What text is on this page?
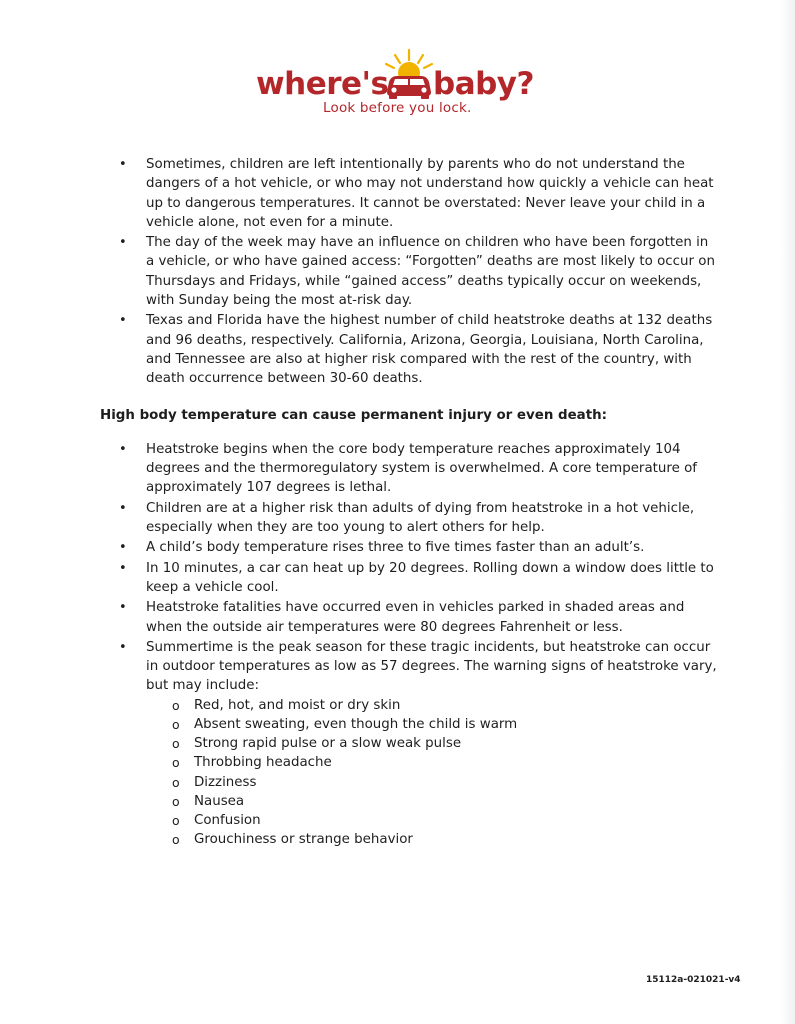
where's baby?
Look before you lock.
• Sometimes, children are left intentionally by parents who do not understand the dangers of a hot vehicle, or who may not understand how quickly a vehicle can heat up to dangerous temperatures. It cannot be overstated: Never leave your child in a vehicle alone, not even for a minute.
• The day of the week may have an influence on children who have been forgotten in a vehicle, or who have gained access: “Forgotten” deaths are most likely to occur on Thursdays and Fridays, while “gained access” deaths typically occur on weekends, with Sunday being the most at-risk day.
• Texas and Florida have the highest number of child heatstroke deaths at 132 deaths and 96 deaths, respectively. California, Arizona, Georgia, Louisiana, North Carolina, and Tennessee are also at higher risk compared with the rest of the country, with death occurrence between 30-60 deaths.
High body temperature can cause permanent injury or even death:
• Heatstroke begins when the core body temperature reaches approximately 104 degrees and the thermoregulatory system is overwhelmed. A core temperature of approximately 107 degrees is lethal.
• Children are at a higher risk than adults of dying from heatstroke in a hot vehicle, especially when they are too young to alert others for help.
• A child’s body temperature rises three to five times faster than an adult’s.
• In 10 minutes, a car can heat up by 20 degrees. Rolling down a window does little to keep a vehicle cool.
• Heatstroke fatalities have occurred even in vehicles parked in shaded areas and when the outside air temperatures were 80 degrees Fahrenheit or less.
• Summertime is the peak season for these tragic incidents, but heatstroke can occur in outdoor temperatures as low as 57 degrees. The warning signs of heatstroke vary, but may include:
o Red, hot, and moist or dry skin
o Absent sweating, even though the child is warm
o Strong rapid pulse or a slow weak pulse
o Throbbing headache
o Dizziness
o Nausea
o Confusion
o Grouchiness or strange behavior
15112a-021021-v4
